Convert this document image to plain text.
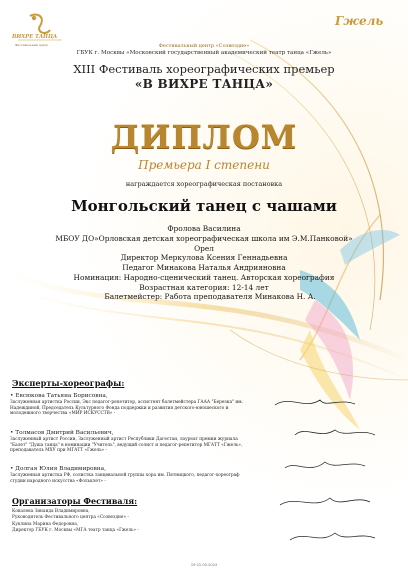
ВИХРЕ ТАНЦА
Фестивальный центр
Гжель
Фестивальный центр «Созвездие»
ГБУК г. Москвы «Московский государственный академический театр танца «Гжель»
XIII Фестиваль хореографических премьер
«В ВИХРЕ ТАНЦА»
ДИПЛОМ
Премьера I степени
награждается хореографическая постановка
Монгольский танец с чашами
Фролова Василина
МБОУ ДО»Орловская детская хореографическая школа им Э.М.Панковой»
Орел
Директор Меркулова Ксения Геннадьевна
Педагог Минакова Наталья Андрияновна
Номинация: Народно-сценический танец. Авторская хореография
Возрастная категория: 12-14 лет
Балетмейстер: Работа преподавателя Минакова Н. А.
Эксперты-хореографы:
• Евсюкова Татьяна Борисовна,
Заслуженная артистка России, Экс педагог-репетитор, ассистент балетмейстера ГААА "Березка" им. Надеждиной, Председатель Культурного Фонда поддержки и развития детского-юношеского и молодежного творчества «МИР ИСКУССТВ» -
• Толмасов Дмитрий Васильевич,
Заслуженный артист России, Заслуженный артист Республики Дагестан, лауреат премии журнала "Балет" "Душа танца" в номинации "Учитель", ведущий солист и педагог-репетитор МГАТТ «Гжель», преподаватель МХУ при МГАТТ «Гжель» -
• Долгая Юлия Владимировна,
Заслуженная артистка РФ, солистка танцевальной группы хора им. Пятницкого, педагог-хореограф студии народного искусства «Фольклет» -
Организаторы Фестиваля:
Ковалева Зинаида Владимировна,
Руководитель Фестивального центра «Созвездие» -
Куклина Марина Федоровна,
Директор ГБУК г. Москвы «МГА театр танца «Гжель» -
19-21.05.2023
